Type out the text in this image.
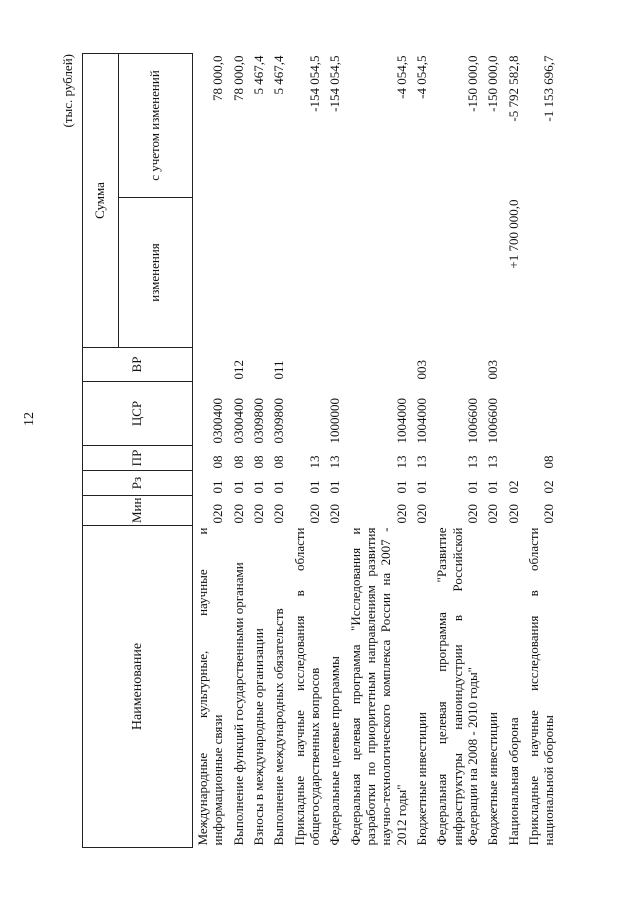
12
(тыс. рублей)
Наименование	Мин	Рз	ПР	ЦСР	ВР	Сумма	
						изменения	с учетом изменений
Международные культурные, научные и информационные связи	020	01	08	0300400			78 000,0
Выполнение функций государственными органами	020	01	08	0300400	012		78 000,0
Взносы в международные организации	020	01	08	0309800			5 467,4
Выполнение международных обязательств	020	01	08	0309800	011		5 467,4
Прикладные научные исследования в области общегосударственных вопросов	020	01	13				-154 054,5
Федеральные целевые программы	020	01	13	1000000			-154 054,5
Федеральная целевая программа "Исследования и разработки по приоритетным направлениям развития научно-технологического комплекса России на 2007 - 2012 годы"	020	01	13	1004000			-4 054,5
Бюджетные инвестиции	020	01	13	1004000	003		-4 054,5
Федеральная целевая программа "Развитие инфраструктуры наноиндустрии в Российской Федерации на 2008 - 2010 годы"	020	01	13	1006600			-150 000,0
Бюджетные инвестиции	020	01	13	1006600	003		-150 000,0
Национальная оборона	020	02				+1 700 000,0	-5 792 582,8
Прикладные научные исследования в области национальной обороны	020	02	08				-1 153 696,7
